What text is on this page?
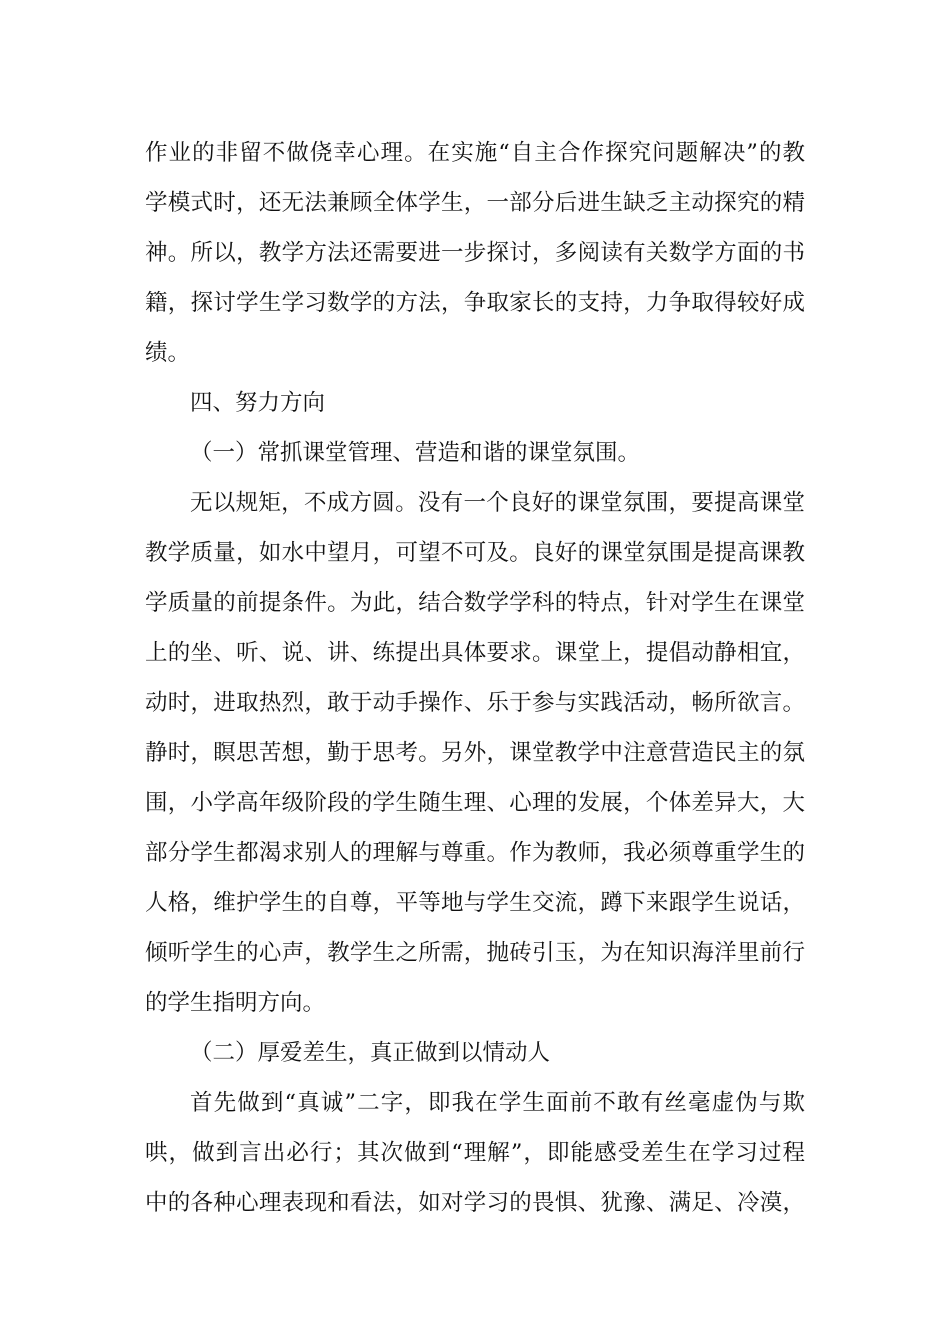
作业的非留不做侥幸心理。在实施“自主合作探究问题解决”的教
学模式时，还无法兼顾全体学生，一部分后进生缺乏主动探究的精
神。所以，教学方法还需要进一步探讨，多阅读有关数学方面的书
籍，探讨学生学习数学的方法，争取家长的支持，力争取得较好成
绩。
四、努力方向
（一）常抓课堂管理、营造和谐的课堂氛围。
无以规矩，不成方圆。没有一个良好的课堂氛围，要提高课堂
教学质量，如水中望月，可望不可及。良好的课堂氛围是提高课教
学质量的前提条件。为此，结合数学学科的特点，针对学生在课堂
上的坐、听、说、讲、练提出具体要求。课堂上，提倡动静相宜，
动时，进取热烈，敢于动手操作、乐于参与实践活动，畅所欲言。
静时，瞑思苦想，勤于思考。另外，课堂教学中注意营造民主的氛
围，小学高年级阶段的学生随生理、心理的发展，个体差异大，大
部分学生都渴求别人的理解与尊重。作为教师，我必须尊重学生的
人格，维护学生的自尊，平等地与学生交流，蹲下来跟学生说话，
倾听学生的心声，教学生之所需，抛砖引玉，为在知识海洋里前行
的学生指明方向。
（二）厚爱差生，真正做到以情动人
首先做到“真诚”二字，即我在学生面前不敢有丝毫虚伪与欺
哄，做到言出必行；其次做到“理解”，即能感受差生在学习过程
中的各种心理表现和看法，如对学习的畏惧、犹豫、满足、冷漠，
